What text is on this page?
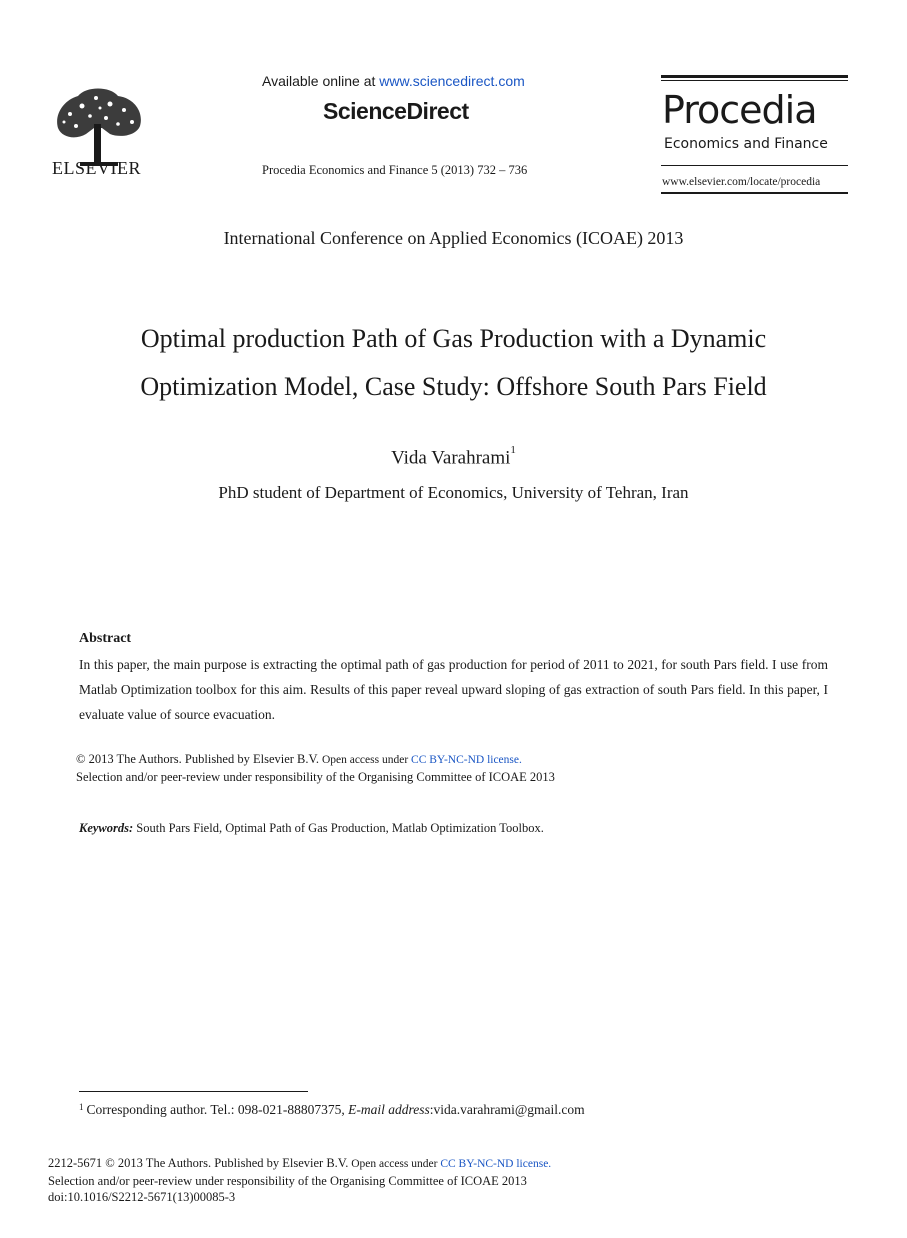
ELSEVIER
Available online at www.sciencedirect.com
ScienceDirect
Procedia Economics and Finance 5 (2013) 732 – 736
Procedia
Economics and Finance
www.elsevier.com/locate/procedia
International Conference on Applied Economics (ICOAE) 2013
Optimal production Path of Gas Production with a Dynamic
Optimization Model, Case Study: Offshore South Pars Field
Vida Varahrami$^1$
PhD student of Department of Economics, University of Tehran, Iran
Abstract
In this paper, the main purpose is extracting the optimal path of gas production for period of 2011 to 2021, for south Pars field. I use from Matlab Optimization toolbox for this aim. Results of this paper reveal upward sloping of gas extraction of south Pars field. In this paper, I evaluate value of source evacuation.
© 2013 The Authors. Published by Elsevier B.V. Open access under CC BY-NC-ND license.
Selection and/or peer-review under responsibility of the Organising Committee of ICOAE 2013
Keywords: South Pars Field, Optimal Path of Gas Production, Matlab Optimization Toolbox.
$^1$ Corresponding author. Tel.: 098-021-88807375, E-mail address:vida.varahrami@gmail.com
2212-5671 © 2013 The Authors. Published by Elsevier B.V. Open access under CC BY-NC-ND license.
Selection and/or peer-review under responsibility of the Organising Committee of ICOAE 2013
doi:10.1016/S2212-5671(13)00085-3
